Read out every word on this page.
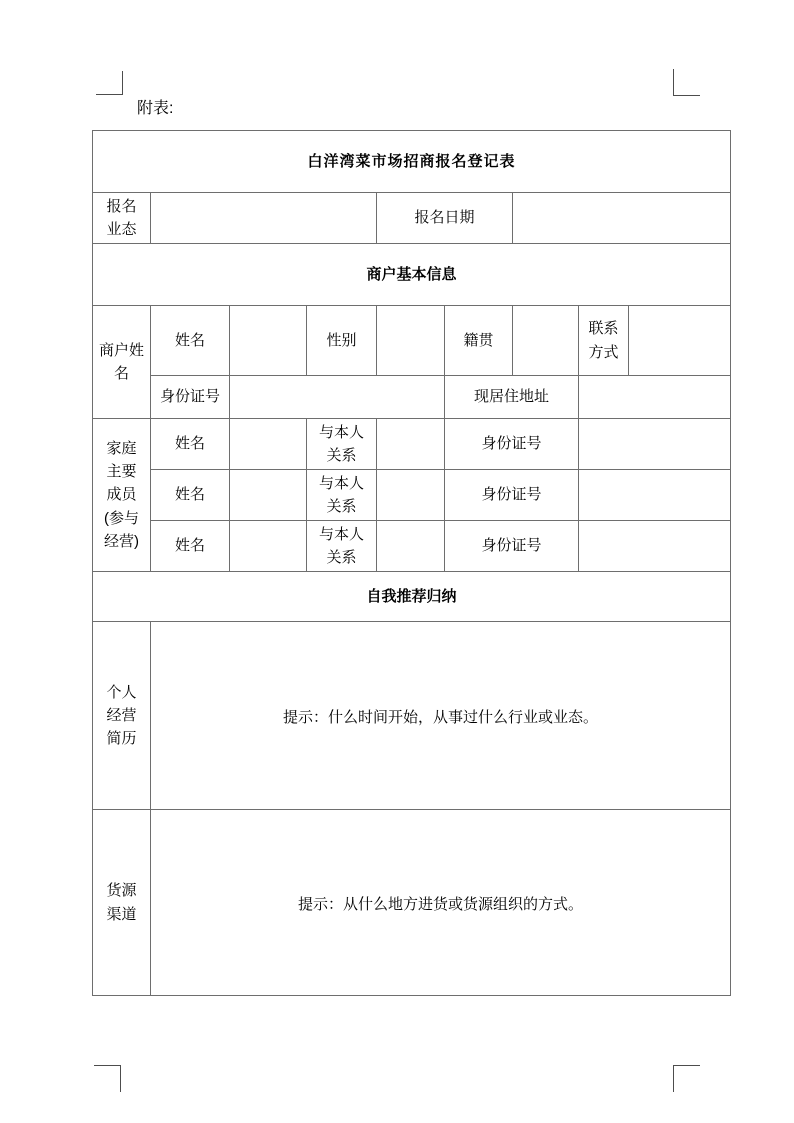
附表:
白洋湾菜市场招商报名登记表								
报名业态				报名日期				
商户基本信息								
商户姓名	姓名		性别		籍贯		联系方式	
	身份证号				现居住地址			
家庭主要成员(参与经营)	姓名		与本人关系		身份证号			
	姓名		与本人关系		身份证号			
	姓名		与本人关系		身份证号			
自我推荐归纳								
个人经营简历	提示：什么时间开始，从事过什么行业或业态。							

货源渠道	提示：从什么地方进货或货源组织的方式。							
